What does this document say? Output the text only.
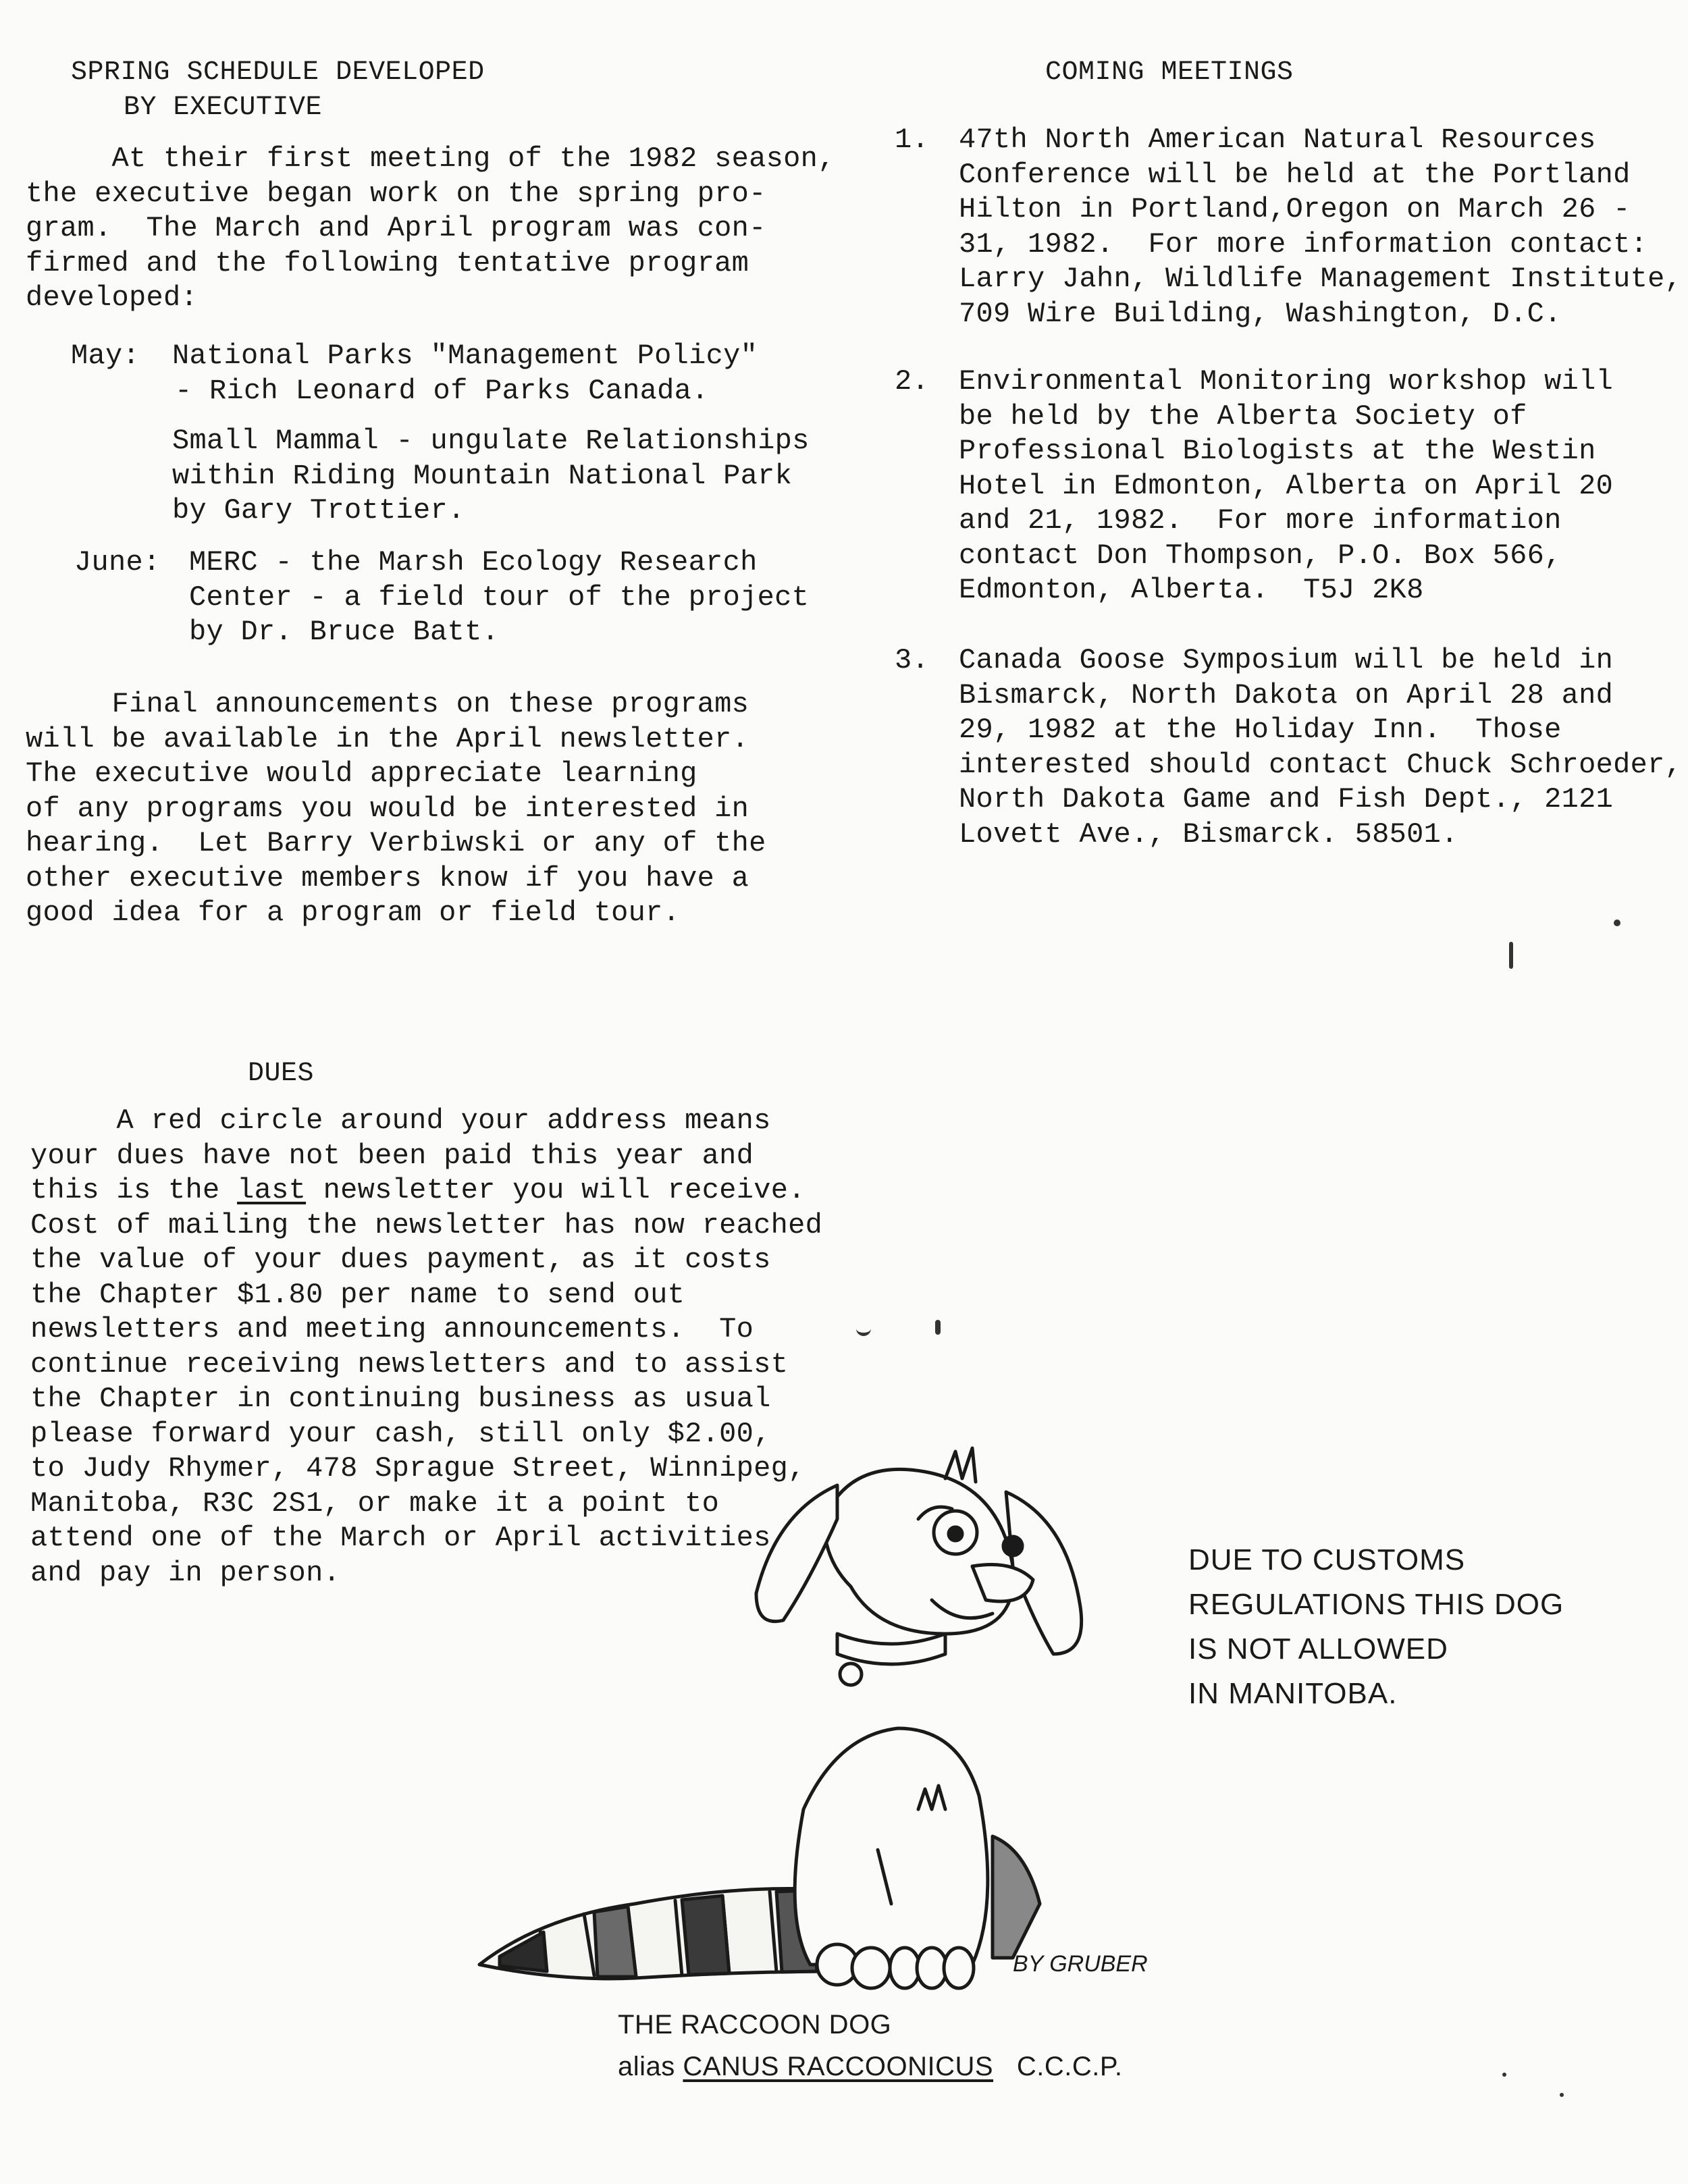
SPRING SCHEDULE DEVELOPED
BY EXECUTIVE
At their first meeting of the 1982 season,
the executive began work on the spring pro-
gram.  The March and April program was con-
firmed and the following tentative program
developed:
May: National Parks "Management Policy"
- Rich Leonard of Parks Canada.
Small Mammal - ungulate Relationships
within Riding Mountain National Park
by Gary Trottier.
June: MERC - the Marsh Ecology Research
Center - a field tour of the project
by Dr. Bruce Batt.
Final announcements on these programs
will be available in the April newsletter.
The executive would appreciate learning
of any programs you would be interested in
hearing.  Let Barry Verbiwski or any of the
other executive members know if you have a
good idea for a program or field tour.
COMING MEETINGS
1. 47th North American Natural Resources
Conference will be held at the Portland
Hilton in Portland,Oregon on March 26 -
31, 1982.  For more information contact:
Larry Jahn, Wildlife Management Institute,
709 Wire Building, Washington, D.C.
2. Environmental Monitoring workshop will
be held by the Alberta Society of
Professional Biologists at the Westin
Hotel in Edmonton, Alberta on April 20
and 21, 1982.  For more information
contact Don Thompson, P.O. Box 566,
Edmonton, Alberta.  T5J 2K8
3. Canada Goose Symposium will be held in
Bismarck, North Dakota on April 28 and
29, 1982 at the Holiday Inn.  Those
interested should contact Chuck Schroeder,
North Dakota Game and Fish Dept., 2121
Lovett Ave., Bismarck. 58501.
DUES
A red circle around your address means
your dues have not been paid this year and
this is the last newsletter you will receive.
Cost of mailing the newsletter has now reached
the value of your dues payment, as it costs
the Chapter $1.80 per name to send out
newsletters and meeting announcements.  To
continue receiving newsletters and to assist
the Chapter in continuing business as usual
please forward your cash, still only $2.00,
to Judy Rhymer, 478 Sprague Street, Winnipeg,
Manitoba, R3C 2S1, or make it a point to
attend one of the March or April activities
and pay in person.
BY GRUBER
DUE TO CUSTOMS
REGULATIONS THIS DOG
IS NOT ALLOWED
IN MANITOBA.
THE RACCOON DOG
alias CANUS RACCOONICUS C.C.C.P.
